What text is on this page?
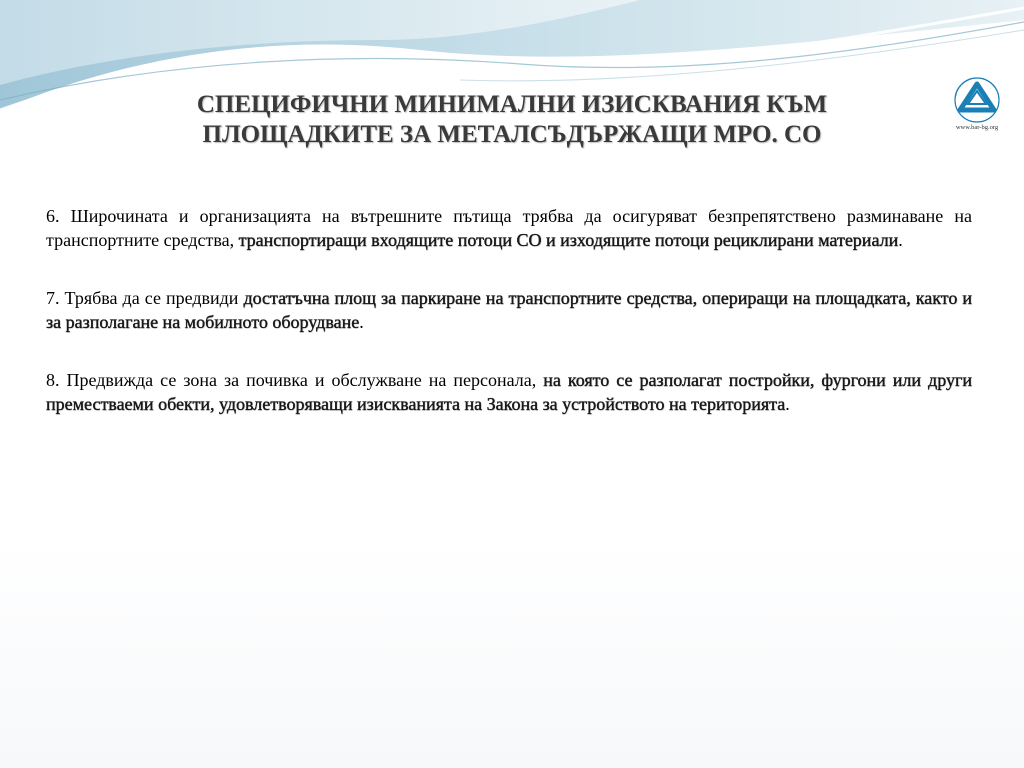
www.bar-bg.org
СПЕЦИФИЧНИ МИНИМАЛНИ ИЗИСКВАНИЯ КЪМ
ПЛОЩАДКИТЕ ЗА МЕТАЛСЪДЪРЖАЩИ МРО. СО

6. Широчината и организацията на вътрешните пътища трябва да осигуряват безпрепятствено разминаване на транспортните средства, транспортиращи входящите потоци СО и изходящите потоци рециклирани материали.

7. Трябва да се предвиди достатъчна площ за паркиране на транспортните средства, опериращи на площадката, както и за разполагане на мобилното оборудване.

8. Предвижда се зона за почивка и обслужване на персонала, на която се разполагат постройки, фургони или други преместваеми обекти, удовлетворяващи изискванията на Закона за устройството на територията.
